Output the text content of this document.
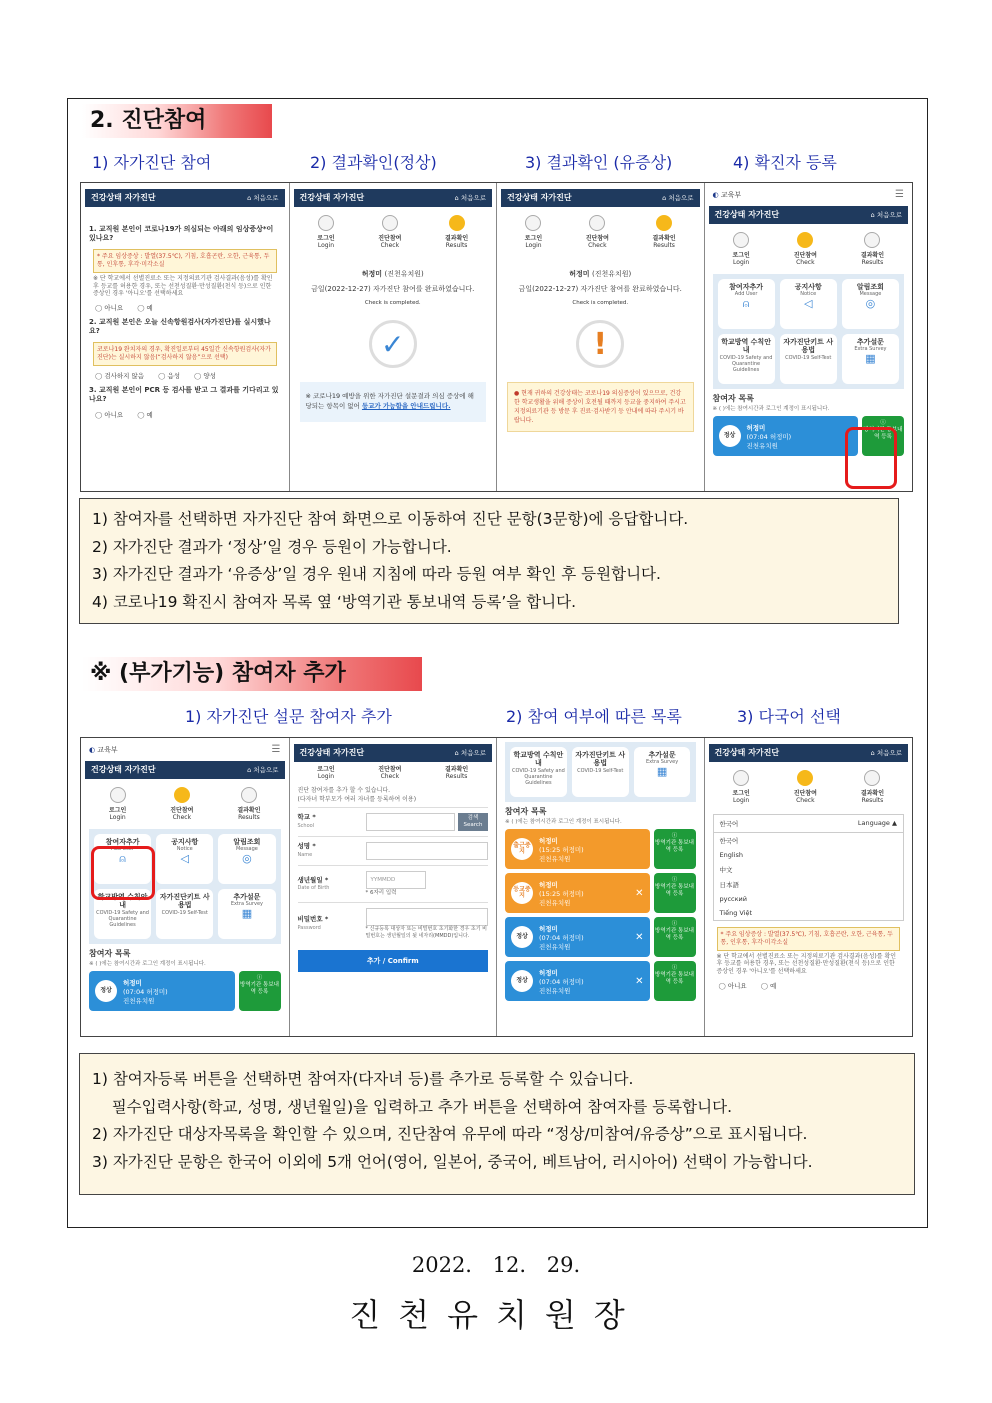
2. 진단참여
1) 자가진단 참여	2) 결과확인(정상)	3) 결과확인 (유증상)	4) 확진자 등록
건강상태 자가진단	⌂ 처음으로
1. 교직원 본인이 코로나19가 의심되는 아래의 임상증상*이 있나요?
* 주요 임상증상 : 발열(37.5℃), 기침, 호흡곤란, 오한, 근육통, 두통, 인후통, 후각·미각소실
※ 단 학교에서 선별진료소 또는 지정의료기관 검사결과(음성)를 확인 후 등교를 허용한 경우, 또는 선천성질환·만성질환(천식 등)으로 인한 증상인 경우 '아니오'를 선택하세요
◯ 아니요	◯ 예
2. 교직원 본인은 오늘 신속항원검사(자가진단)를 실시했나요?
코로나19 완치자의 경우, 확진일로부터 45일간 신속항원검사(자가진단)는 실시하지 않음(“검사하지 않음”으로 선택)
◯ 검사하지 않음	◯ 음성	◯ 양성
3. 교직원 본인이 PCR 등 검사를 받고 그 결과를 기다리고 있나요?
◯ 아니요	◯ 예
건강상태 자가진단	⌂ 처음으로
로그인
Login
진단참여
Check
결과확인
Results
허정미 (진천유치원)
금일(2022-12-27) 자가진단 참여를 완료하였습니다.
Check is completed.
✓
※ 코로나19 예방을 위한 자가진단 설문결과 의심 증상에 해당되는 항목이 없어 등교가 가능함을 안내드립니다.
건강상태 자가진단	⌂ 처음으로
로그인
Login
진단참여
Check
결과확인
Results
허정미 (진천유치원)
금일(2022-12-27) 자가진단 참여를 완료하였습니다.
Check is completed.
!
● 현재 귀하의 건강상태는 코로나19 의심증상이 있으므로, 건강한 학교생활을 위해 증상이 호전될 때까지 등교을 중지하여 주시고 지정의료기관 등 방문 후 진료·검사받기 등 안내에 따라 주시기 바랍니다.
◐ 교육부	☰
건강상태 자가진단	⌂ 처음으로
로그인
Login
진단참여
Check
결과확인
Results
참여자추가
Add User
⍝
공지사항
Notice
◁
알림조회
Message
◎
학교방역 수칙안내
COVID-19 Safety and Quarantine Guidelines
자가진단키트 사용법
COVID-19 Self-Test
추가설문
Extra Survey
▦
참여자 목록
※ ( )에는 참여시간과 로그인 계정이 표시됩니다.
정상
허정미
(07:04 허정미)
진천유치원
ⓘ
방역기관 통보내역 등록
1) 참여자를 선택하면 자가진단 참여 화면으로 이동하여 진단 문항(3문항)에 응답합니다.
2) 자가진단 결과가 ‘정상’일 경우 등원이 가능합니다.
3) 자가진단 결과가 ‘유증상’일 경우 원내 지침에 따라 등원 여부 확인 후 등원합니다.
4) 코로나19 확진시 참여자 목록 옆 ‘방역기관 통보내역 등록’을 합니다.
※ (부가기능) 참여자 추가
1) 자가진단 설문 참여자 추가	2) 참여 여부에 따른 목록	3) 다국어 선택
◐ 교육부	☰
건강상태 자가진단	⌂ 처음으로
로그인
Login
진단참여
Check
결과확인
Results
참여자추가
Add User
⍝
공지사항
Notice
◁
알림조회
Message
◎
학교방역 수칙안내
COVID-19 Safety and Quarantine Guidelines
자가진단키트 사용법
COVID-19 Self-Test
추가설문
Extra Survey
▦
참여자 목록
※ ( )에는 참여시간과 로그인 계정이 표시됩니다.
정상
허정미
(07:04 허정미)
진천유치원
ⓘ
방역기관 통보내역 등록
건강상태 자가진단	⌂ 처음으로
로그인
Login
진단참여
Check
결과확인
Results
진단 참여자를 추가 할 수 있습니다.
(다자녀 학부모가 여러 자녀를 등록하여 이용)
학교 *
School
검색 Search
성명 *
Name
생년월일 *
Date of Birth
YYMMDD
* 6자리 입력
비밀번호 *
Password	* 신규등록 대상자 또는 비밀번호 초기화한 경우 초기 비밀번호는 생년월일의 뒷 네자리(MMDD)입니다.
추가 / Confirm
학교방역 수칙안내
COVID-19 Safety and Quarantine Guidelines
자가진단키트 사용법
COVID-19 Self-Test
추가설문
Extra Survey
▦
참여자 목록
※ ( )에는 참여시간과 로그인 계정이 표시됩니다.
출근중지
허정미
(15:25 허정미)
진천유치원
ⓘ
방역기관 통보내역 등록
등교중지
허정미
(15:25 허정미)
진천유치원
✕
ⓘ
방역기관 통보내역 등록
정상
허정미
(07:04 허정미)
진천유치원
✕
ⓘ
방역기관 통보내역 등록
정상
허정미
(07:04 허정미)
진천유치원
✕
ⓘ
방역기관 통보내역 등록
건강상태 자가진단	⌂ 처음으로
로그인
Login
진단참여
Check
결과확인
Results
한국어	Language ▲
한국어
English
中文
日本語
русский
Tiếng Việt
* 주요 임상증상 : 발열(37.5℃), 기침, 호흡곤란, 오한, 근육통, 두통, 인후통, 후각·미각소실
※ 단 학교에서 선별진료소 또는 지정의료기관 검사결과(음성)를 확인 후 등교를 허용한 경우, 또는 선천성질환·만성질환(천식 등)으로 인한 증상인 경우 '아니오'를 선택하세요
◯ 아니요	◯ 예
1) 참여자등록 버튼을 선택하면 참여자(다자녀 등)를 추가로 등록할 수 있습니다.
필수입력사항(학교, 성명, 생년월일)을 입력하고 추가 버튼을 선택하여 참여자를 등록합니다.
2) 자가진단 대상자목록을 확인할 수 있으며, 진단참여 유무에 따라 “정상/미참여/유증상”으로 표시됩니다.
3) 자가진단 문항은 한국어 이외에 5개 언어(영어, 일본어, 중국어, 베트남어, 러시아어) 선택이 가능합니다.
2022. 12. 29.
진천유치원장
